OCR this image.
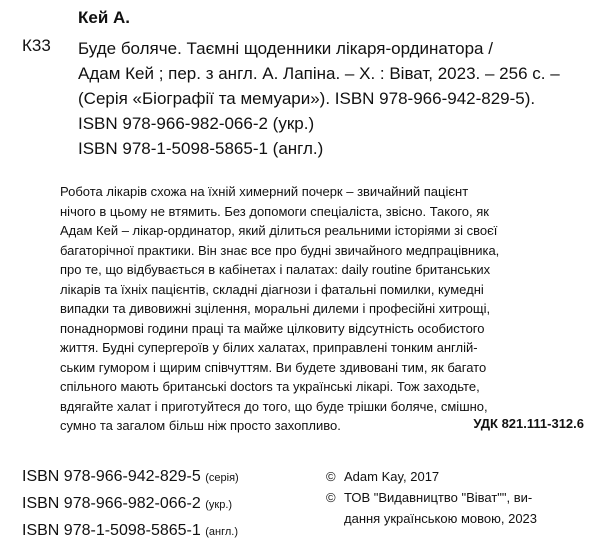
Кей А.
К33 Буде боляче. Таємні щоденники лікаря-ординатора /
Адам Кей ; пер. з англ. А. Лапіна. – Х. : Віват, 2023. – 256 с. –
(Серія «Біографії та мемуари»). ISBN 978-966-942-829-5).
ISBN 978-966-982-066-2 (укр.)
ISBN 978-1-5098-5865-1 (англ.)
Робота лікарів схожа на їхній химерний почерк – звичайний пацієнт
нічого в цьому не втямить. Без допомоги спеціаліста, звісно. Такого, як
Адам Кей – лікар-ординатор, який ділиться реальними історіями зі своєї
багаторічної практики. Він знає все про будні звичайного медпрацівника,
про те, що відбувається в кабінетах і палатах: daily routine британських
лікарів та їхніх пацієнтів, складні діагнози і фатальні помилки, кумедні
випадки та дивовижні зцілення, моральні дилеми і професійні хитрощі,
понаднормові години праці та майже цілковиту відсутність особистого
життя. Будні супергероїв у білих халатах, приправлені тонким англій-
ським гумором і щирим співчуттям. Ви будете здивовані тим, як багато
спільного мають британські doctors та українські лікарі. Тож заходьте,
вдягайте халат і приготуйтеся до того, що буде трішки боляче, смішно,
сумно та загалом більш ніж просто захопливо.	УДК 821.111-312.6
ISBN 978-966-942-829-5 (серія)
ISBN 978-966-982-066-2 (укр.)
ISBN 978-1-5098-5865-1 (англ.)
© Adam Kay, 2017
© ТОВ "Видавництво "Віват"", ви-
дання українською мовою, 2023
